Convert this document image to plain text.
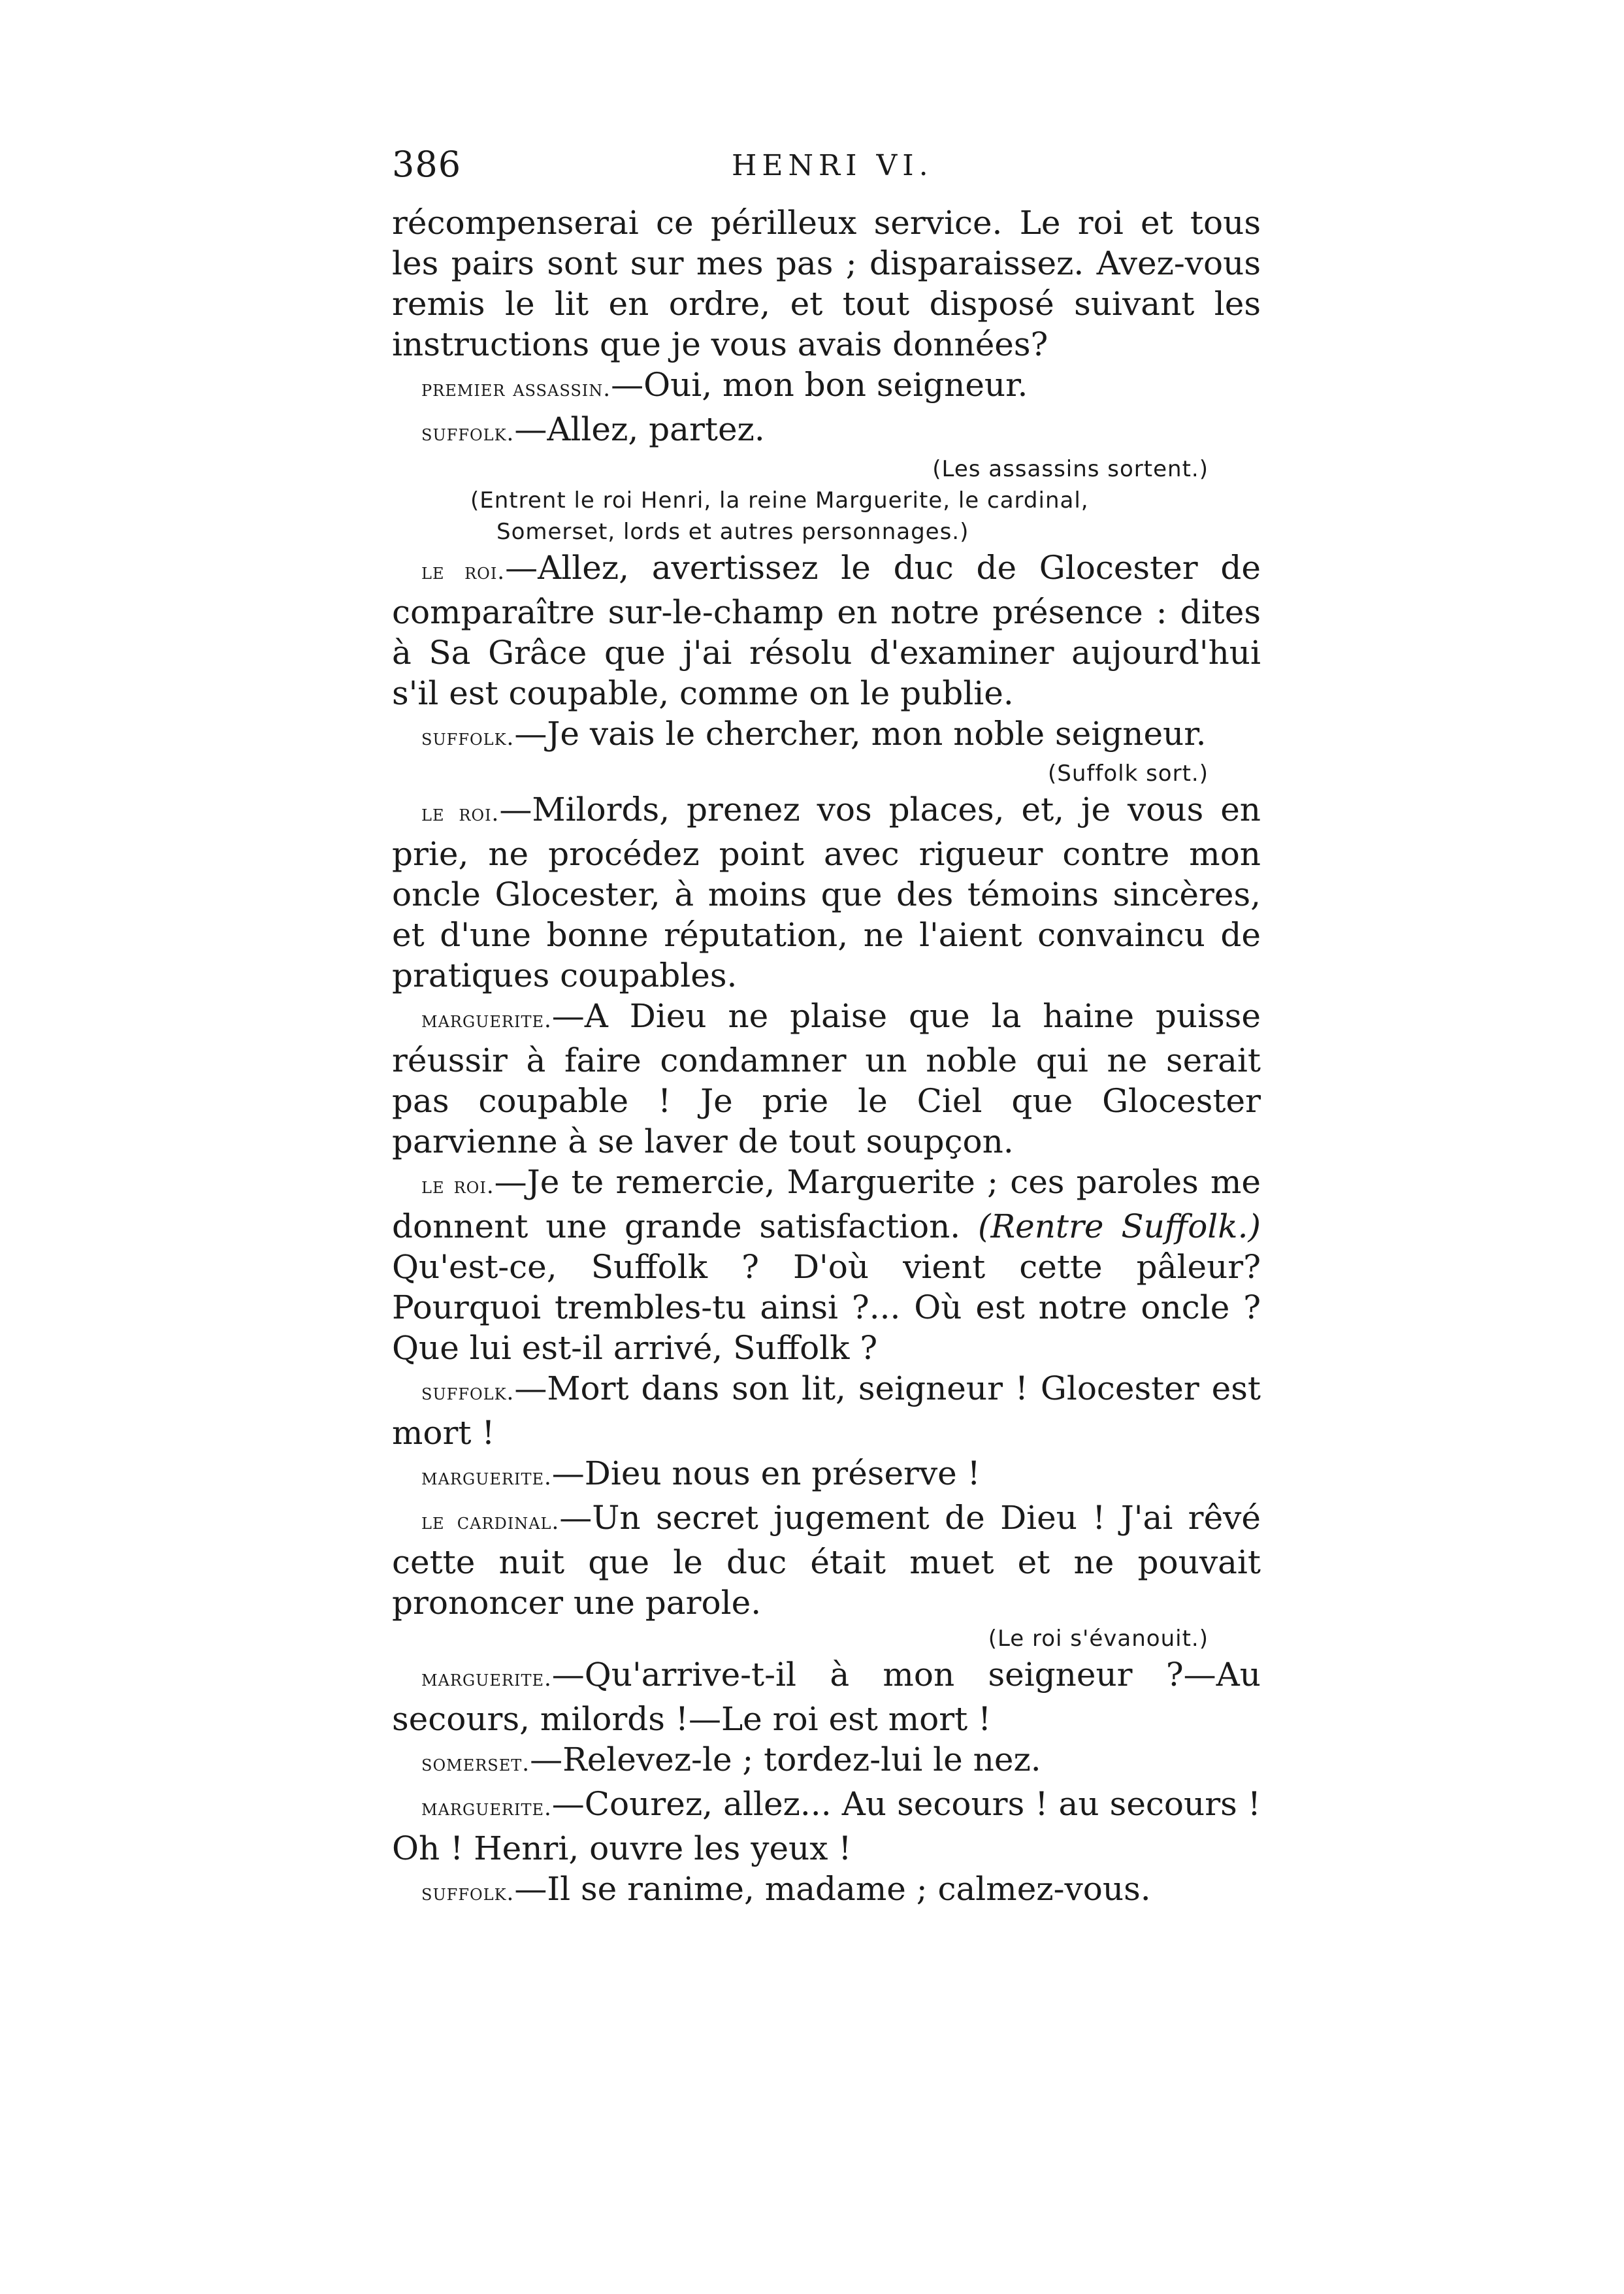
386	HENRI VI.

récompenserai ce périlleux service. Le roi et tous les pairs sont sur mes pas ; disparaissez. Avez-vous remis le lit en ordre, et tout disposé suivant les instructions que je vous avais données?

premier assassin.—Oui, mon bon seigneur.

suffolk.—Allez, partez.

(Les assassins sortent.)
(Entrent le roi Henri, la reine Marguerite, le cardinal,
Somerset, lords et autres personnages.)

le roi.—Allez, avertissez le duc de Glocester de comparaître sur-le-champ en notre présence : dites à Sa Grâce que j'ai résolu d'examiner aujourd'hui s'il est coupable, comme on le publie.

suffolk.—Je vais le chercher, mon noble seigneur.

(Suffolk sort.)

le roi.—Milords, prenez vos places, et, je vous en prie, ne procédez point avec rigueur contre mon oncle Glocester, à moins que des témoins sincères, et d'une bonne réputation, ne l'aient convaincu de pratiques coupables.

marguerite.—A Dieu ne plaise que la haine puisse réussir à faire condamner un noble qui ne serait pas coupable ! Je prie le Ciel que Glocester parvienne à se laver de tout soupçon.

le roi.—Je te remercie, Marguerite ; ces paroles me donnent une grande satisfaction. (Rentre Suffolk.) Qu'est-ce, Suffolk ? D'où vient cette pâleur? Pourquoi trembles-tu ainsi ?... Où est notre oncle ? Que lui est-il arrivé, Suffolk ?

suffolk.—Mort dans son lit, seigneur ! Glocester est mort !

marguerite.—Dieu nous en préserve !

le cardinal.—Un secret jugement de Dieu ! J'ai rêvé cette nuit que le duc était muet et ne pouvait prononcer une parole.

(Le roi s'évanouit.)

marguerite.—Qu'arrive-t-il à mon seigneur ?—Au secours, milords !—Le roi est mort !

somerset.—Relevez-le ; tordez-lui le nez.

marguerite.—Courez, allez... Au secours ! au secours ! Oh ! Henri, ouvre les yeux !

suffolk.—Il se ranime, madame ; calmez-vous.
